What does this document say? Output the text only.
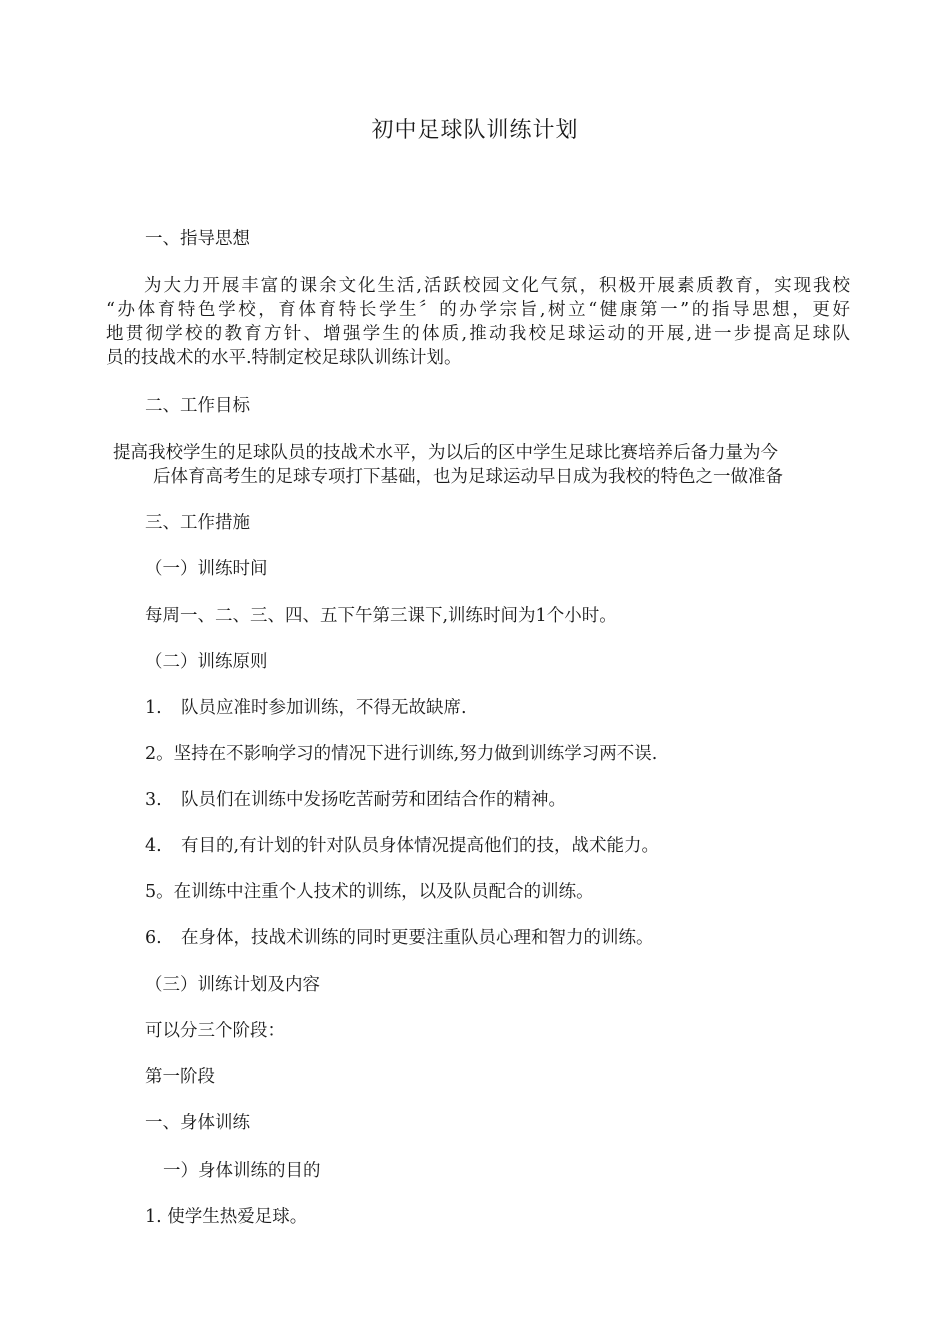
初中足球队训练计划
一、指导思想
为大力开展丰富的课余文化生活,活跃校园文化气氛，积极开展素质教育，实现我校
“办体育特色学校，育体育特长学生〞的办学宗旨,树立“健康第一”的指导思想，更好
地贯彻学校的教育方针、增强学生的体质,推动我校足球运动的开展,进一步提高足球队
员的技战术的水平.特制定校足球队训练计划。
二、工作目标
提高我校学生的足球队员的技战术水平，为以后的区中学生足球比赛培养后备力量为今
后体育高考生的足球专项打下基础，也为足球运动早日成为我校的特色之一做准备
三、工作措施
（一）训练时间
每周一、二、三、四、五下午第三课下,训练时间为1个小时。
（二）训练原则
1. 队员应准时参加训练，不得无故缺席.
2。坚持在不影响学习的情况下进行训练,努力做到训练学习两不误.
3. 队员们在训练中发扬吃苦耐劳和团结合作的精神。
4. 有目的,有计划的针对队员身体情况提高他们的技，战术能力。
5。在训练中注重个人技术的训练，以及队员配合的训练。
6. 在身体，技战术训练的同时更要注重队员心理和智力的训练。
（三）训练计划及内容
可以分三个阶段：
第一阶段
一、身体训练
一）身体训练的目的
1. 使学生热爱足球。
